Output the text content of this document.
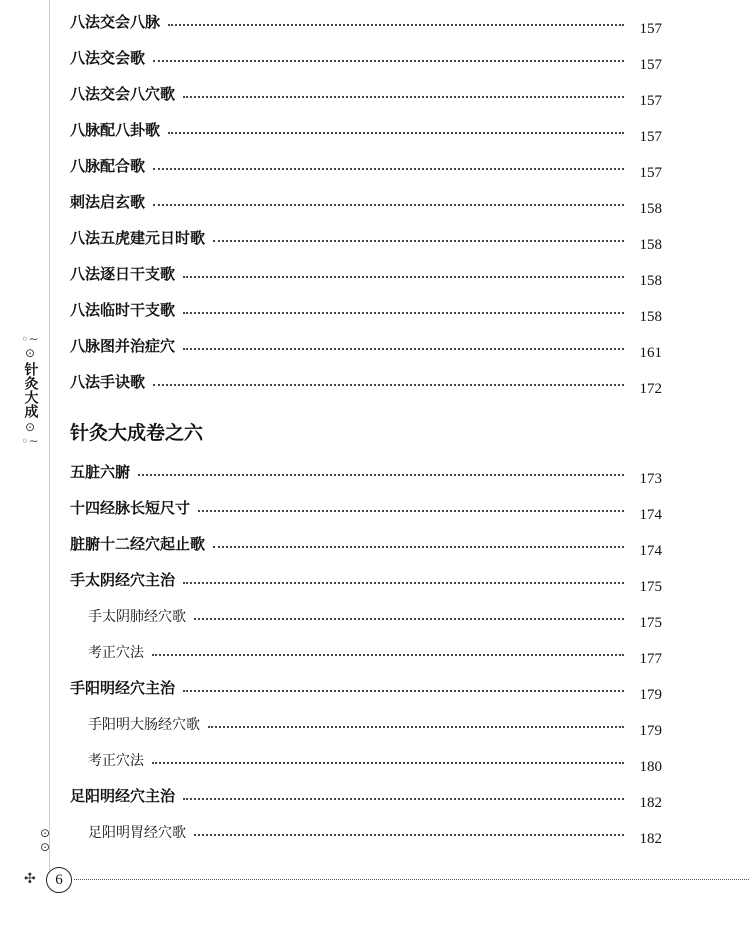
◦∼
⊙
针灸大成
⊙
◦∼
⊙
⊙
八法交会八脉	157
八法交会歌	157
八法交会八穴歌	157
八脉配八卦歌	157
八脉配合歌	157
刺法启玄歌	158
八法五虎建元日时歌	158
八法逐日干支歌	158
八法临时干支歌	158
八脉图并治症穴	161
八法手诀歌	172
针灸大成卷之六
五脏六腑	173
十四经脉长短尺寸	174
脏腑十二经穴起止歌	174
手太阴经穴主治	175
手太阴肺经穴歌	175
考正穴法	177
手阳明经穴主治	179
手阳明大肠经穴歌	179
考正穴法	180
足阳明经穴主治	182
足阳明胃经穴歌	182
✣	6
